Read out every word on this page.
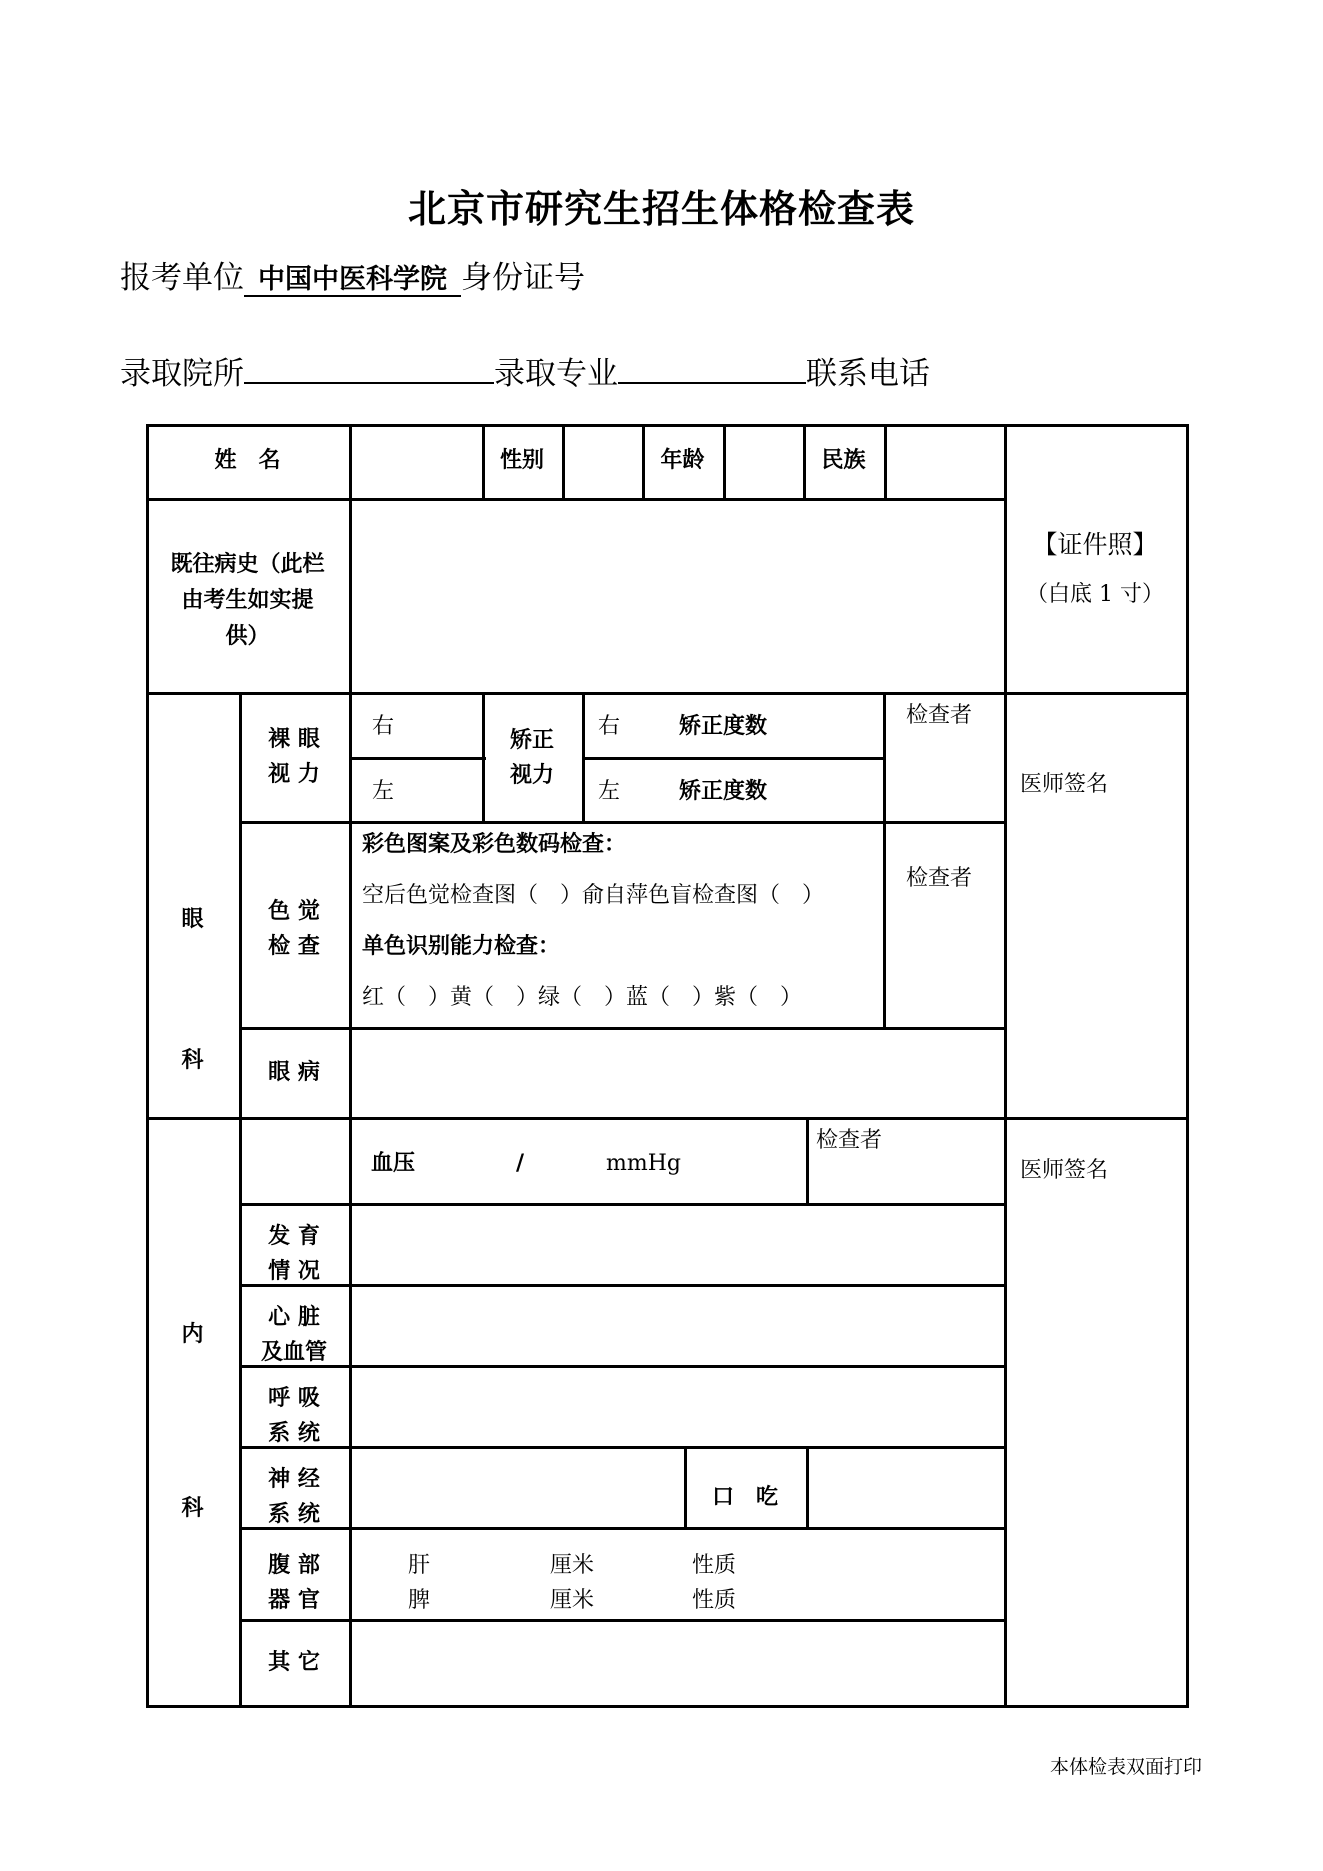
北京市研究生招生体格检查表
报考单位 中国中医科学院 身份证号
录取院所	录取专业	联系电话
姓　名	性别	年龄	民族
【证件照】
（白底 1 寸）
既往病史（此栏
由考生如实提
供）
眼
科
裸 眼
视 力
右
左
矫正
视力
右	矫正度数
左	矫正度数
检查者
医师签名
色 觉
检 查
彩色图案及彩色数码检查：
空后色觉检查图（　）俞自萍色盲检查图（　）
单色识别能力检查：
红（　）黄（　）绿（　）蓝（　）紫（　）
检查者
眼 病
内
科
血压	/	mmHg
检查者
医师签名
发 育
情 况
心 脏
及血管
呼 吸
系 统
神 经
系 统
口　吃
腹 部
器 官
肝	厘米	性质
脾	厘米	性质
其 它
本体检表双面打印
